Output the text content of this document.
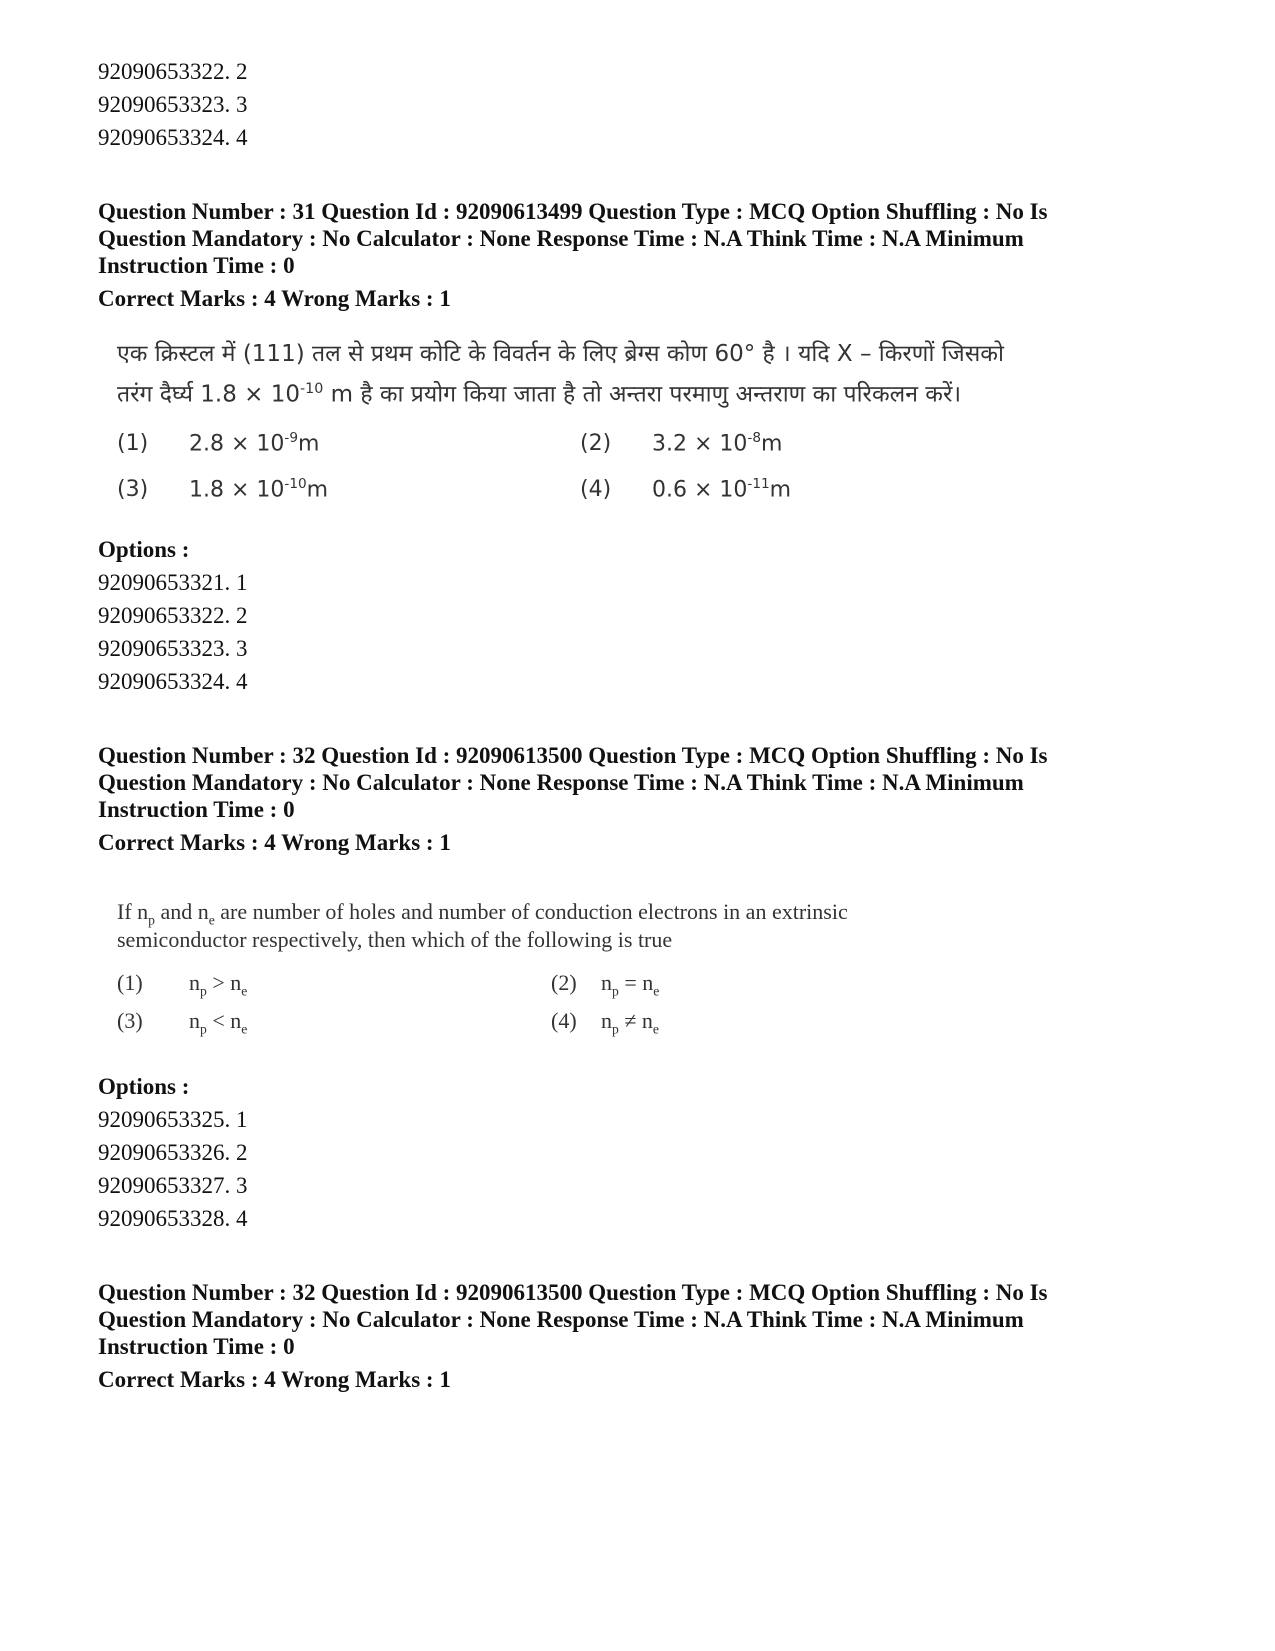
92090653322. 2
92090653323. 3
92090653324. 4
Question Number : 31 Question Id : 92090613499 Question Type : MCQ Option Shuffling : No Is
Question Mandatory : No Calculator : None Response Time : N.A Think Time : N.A Minimum
Instruction Time : 0
Correct Marks : 4 Wrong Marks : 1
एक क्रिस्टल में (111) तल से प्रथम कोटि के विवर्तन के लिए ब्रेग्स कोण 60° है । यदि X – किरणों जिसको
तरंग दैर्घ्य $1.8 \times 10^{-10}$ m है का प्रयोग किया जाता है तो अन्तरा परमाणु अन्तराण का परिकलन करें।
(1) $2.8 \times 10^{-9}m$	(2) $3.2 \times 10^{-8}m$
(3) $1.8 \times 10^{-10}m$	(4) $0.6 \times 10^{-11}m$
Options :
92090653321. 1
92090653322. 2
92090653323. 3
92090653324. 4
Question Number : 32 Question Id : 92090613500 Question Type : MCQ Option Shuffling : No Is
Question Mandatory : No Calculator : None Response Time : N.A Think Time : N.A Minimum
Instruction Time : 0
Correct Marks : 4 Wrong Marks : 1
If $n_p$ and $n_e$ are number of holes and number of conduction electrons in an extrinsic
semiconductor respectively, then which of the following is true
(1) $n_p > n_e$	(2) $n_p = n_e$
(3) $n_p < n_e$	(4) $n_p \ne n_e$
Options :
92090653325. 1
92090653326. 2
92090653327. 3
92090653328. 4
Question Number : 32 Question Id : 92090613500 Question Type : MCQ Option Shuffling : No Is
Question Mandatory : No Calculator : None Response Time : N.A Think Time : N.A Minimum
Instruction Time : 0
Correct Marks : 4 Wrong Marks : 1
